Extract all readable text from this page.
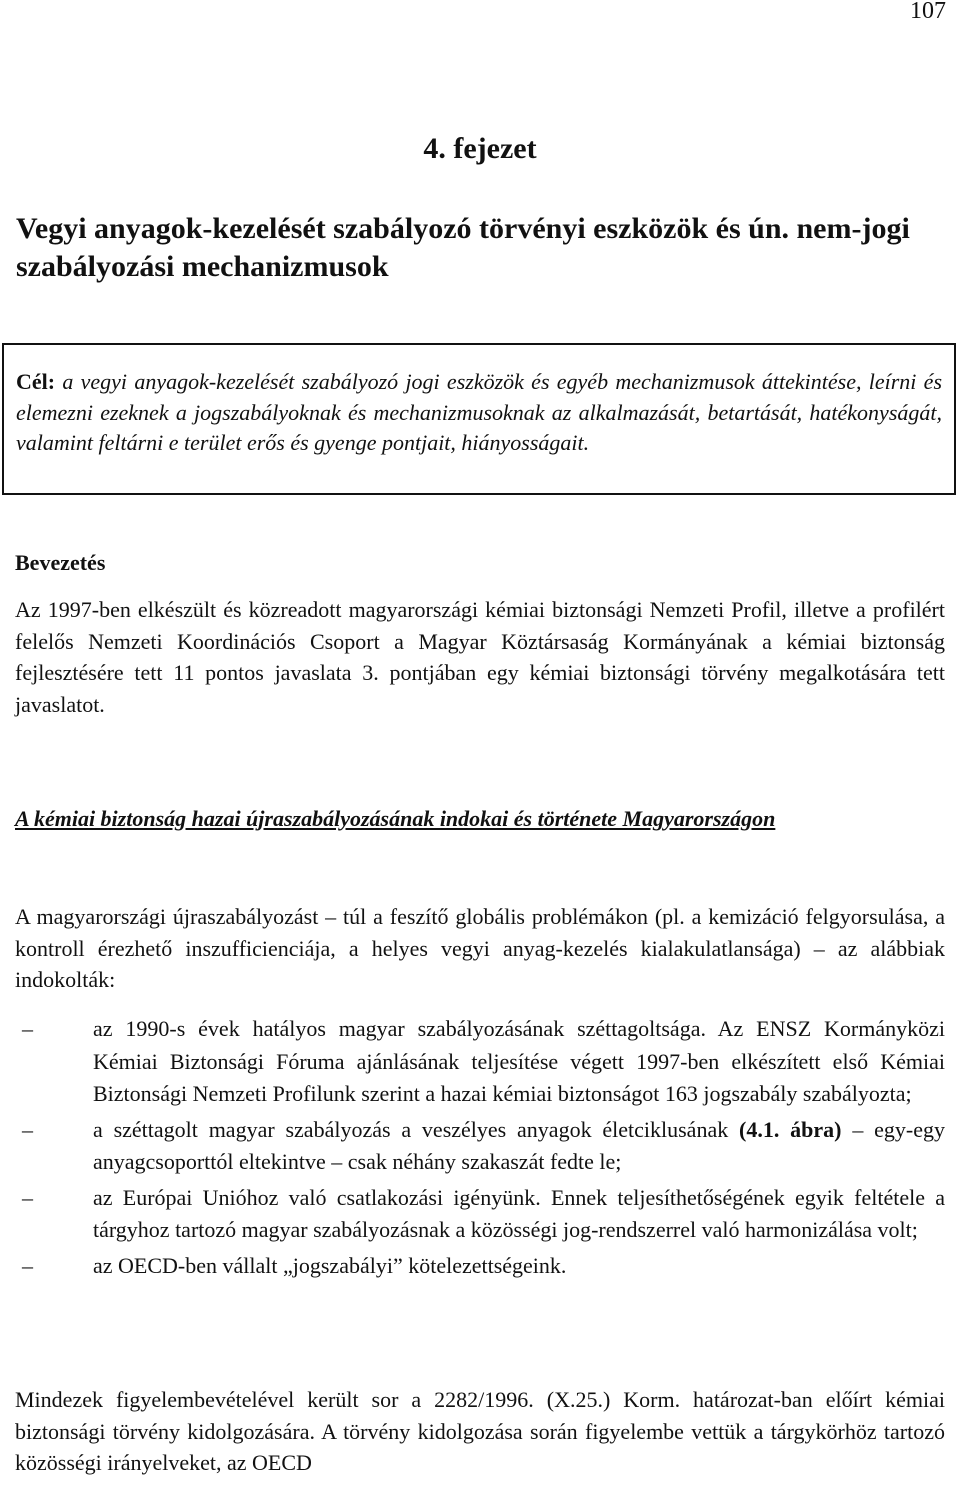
107
4. fejezet
Vegyi anyagok-kezelését szabályozó törvényi eszközök és ún. nem-jogi szabályozási mechanizmusok
Cél: a vegyi anyagok-kezelését szabályozó jogi eszközök és egyéb mechanizmusok áttekintése, leírni és elemezni ezeknek a jogszabályoknak és mechanizmusoknak az alkalmazását, betartását, hatékonyságát, valamint feltárni e terület erős és gyenge pontjait, hiányosságait.
Bevezetés
Az 1997-ben elkészült és közreadott magyarországi kémiai biztonsági Nemzeti Profil, illetve a profilért felelős Nemzeti Koordinációs Csoport a Magyar Köztársaság Kormányának a kémiai biztonság fejlesztésére tett 11 pontos javaslata 3. pontjában egy kémiai biztonsági törvény megalkotására tett javaslatot.
A kémiai biztonság hazai újraszabályozásának indokai és története Magyarországon
A magyarországi újraszabályozást – túl a feszítő globális problémákon (pl. a kemizáció felgyorsulása, a kontroll érezhető inszufficienciája, a helyes vegyi anyag-kezelés kialakulatlansága) – az alábbiak indokolták:
–	az 1990-s évek hatályos magyar szabályozásának széttagoltsága. Az ENSZ Kormányközi Kémiai Biztonsági Fóruma ajánlásának teljesítése végett 1997-ben elkészített első Kémiai Biztonsági Nemzeti Profilunk szerint a hazai kémiai biztonságot 163 jogszabály szabályozta;
–	a széttagolt magyar szabályozás a veszélyes anyagok életciklusának (4.1. ábra) – egy-egy anyagcsoporttól eltekintve – csak néhány szakaszát fedte le;
–	az Európai Unióhoz való csatlakozási igényünk. Ennek teljesíthetőségének egyik feltétele a tárgyhoz tartozó magyar szabályozásnak a közösségi jog-rendszerrel való harmonizálása volt;
–	az OECD-ben vállalt „jogszabályi” kötelezettségeink.
Mindezek figyelembevételével került sor a 2282/1996. (X.25.) Korm. határozat-ban előírt kémiai biztonsági törvény kidolgozására. A törvény kidolgozása során figyelembe vettük a tárgykörhöz tartozó közösségi irányelveket, az OECD
